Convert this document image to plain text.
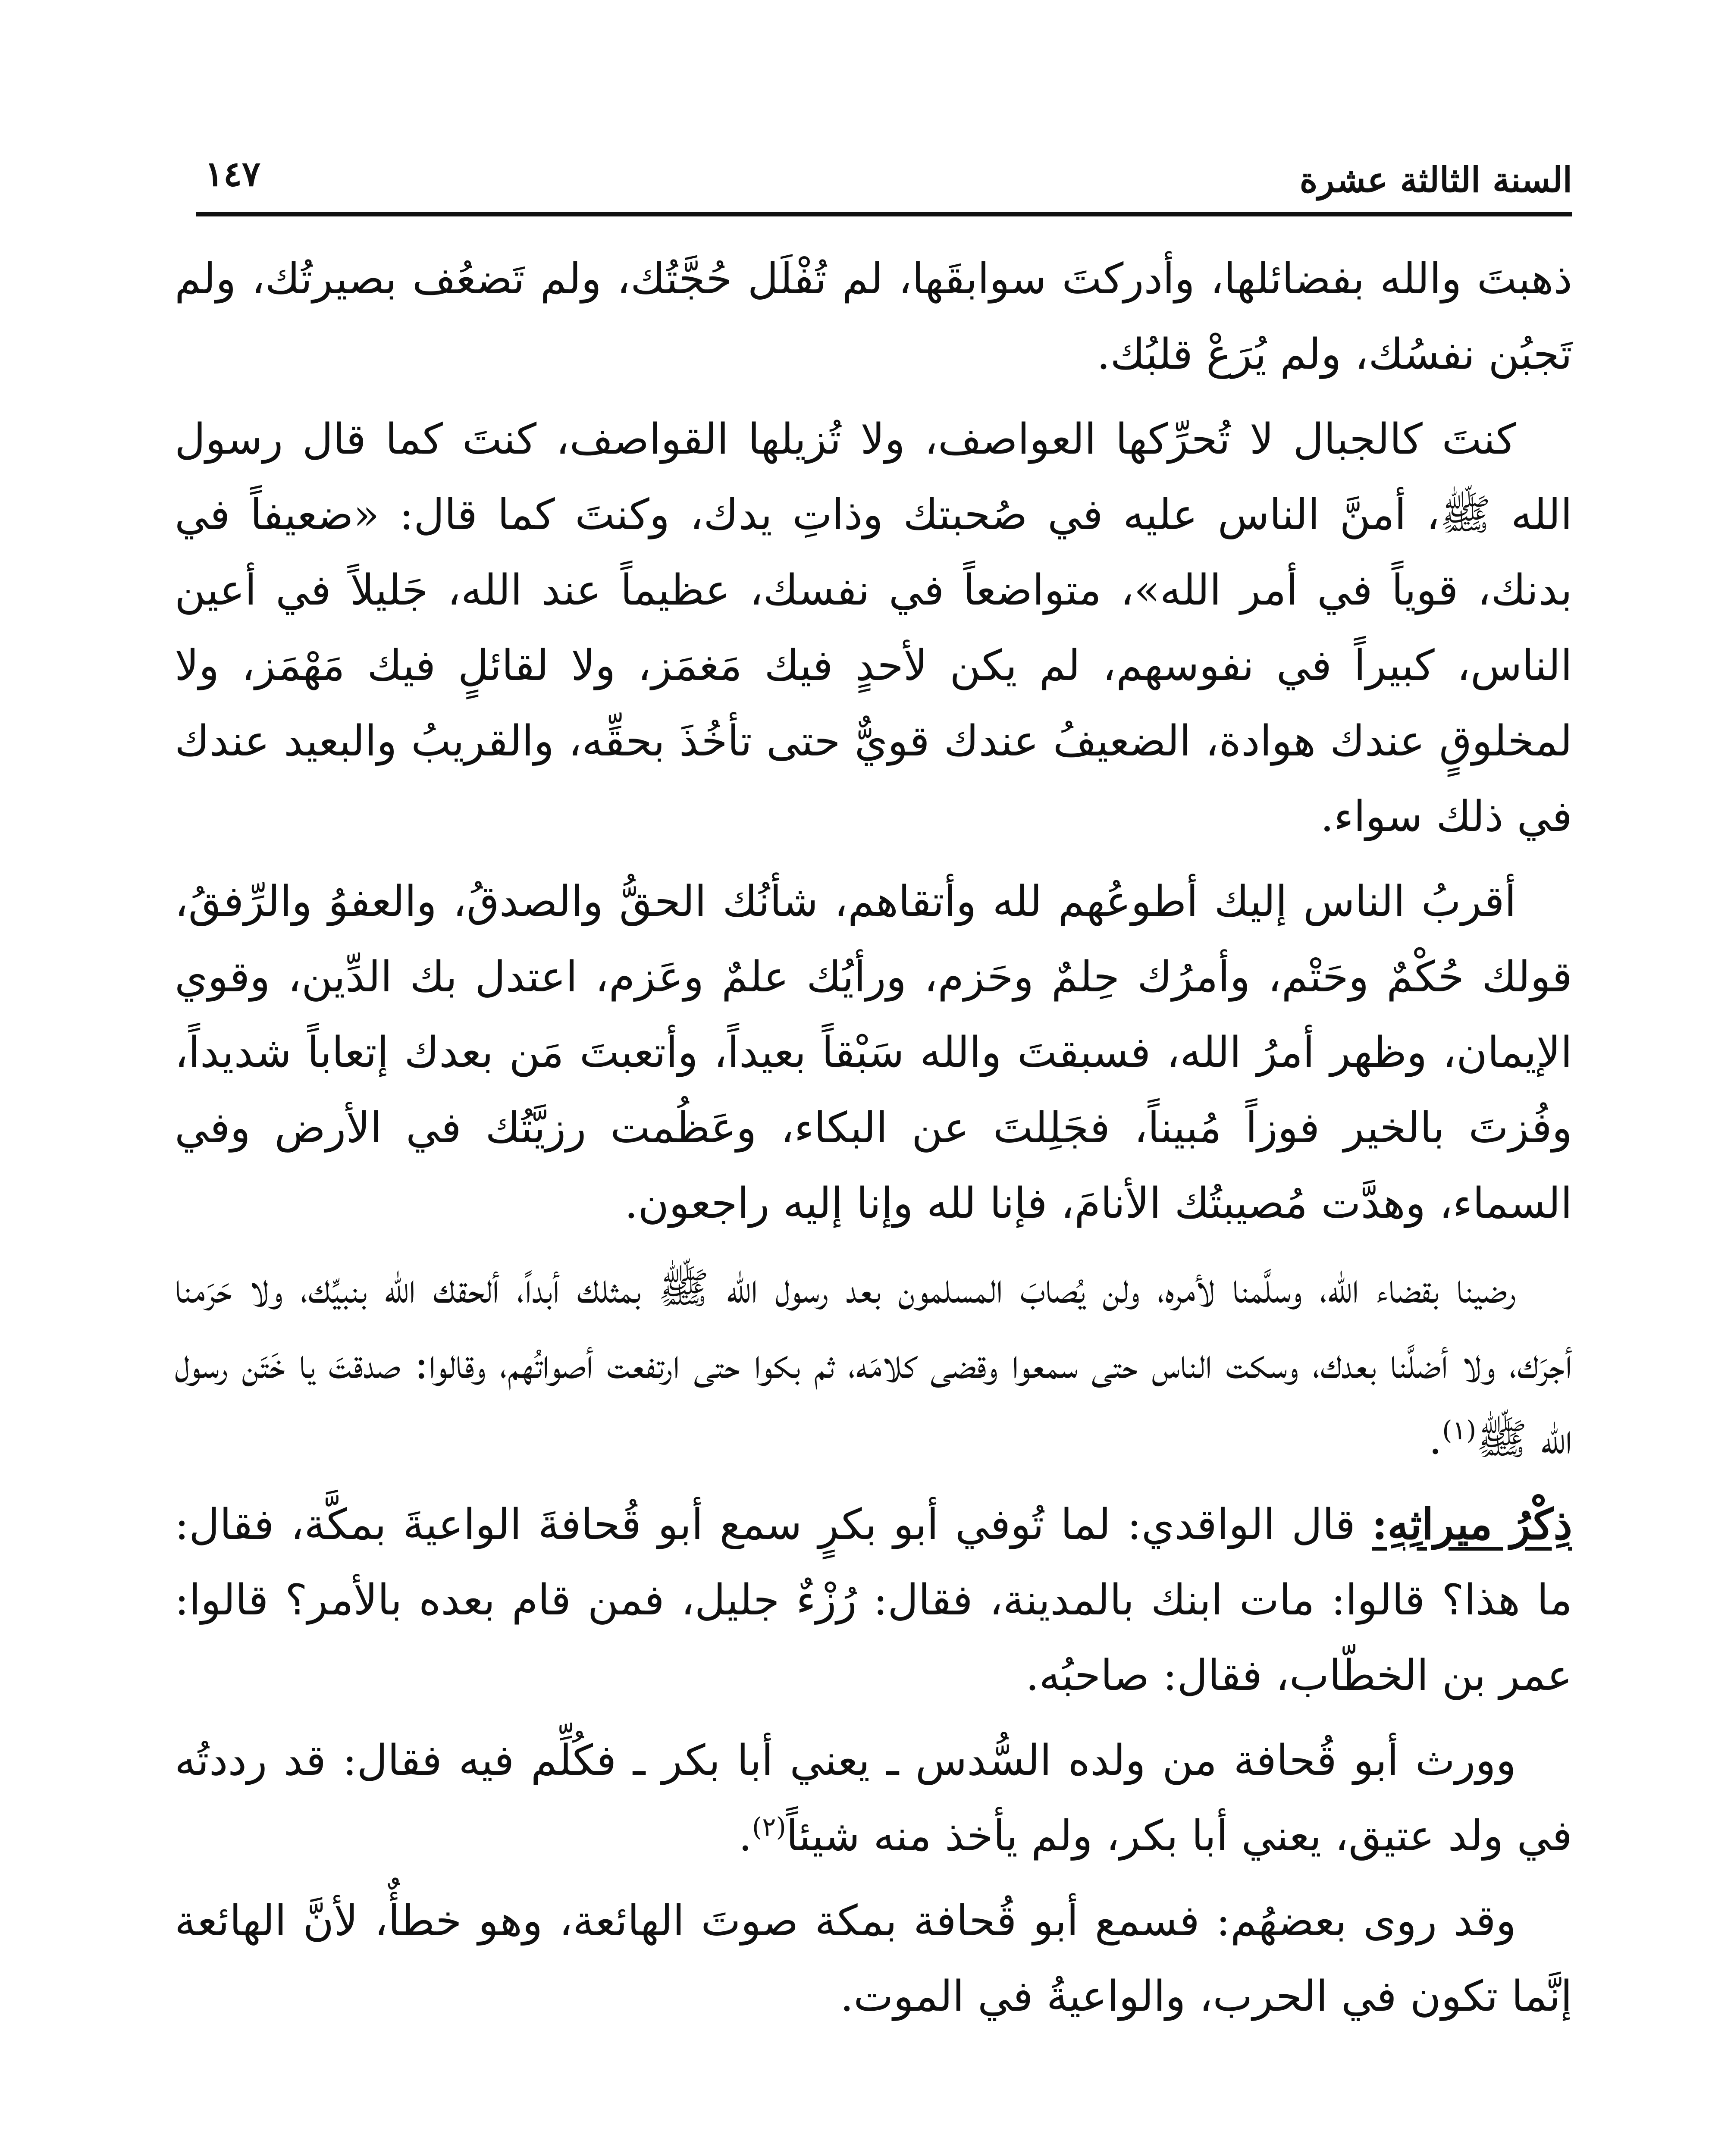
السنة الثالثة عشرة
١٤٧

ذهبتَ والله بفضائلها، وأدركتَ سوابقَها، لم تُفْلَل حُجَّتُك، ولم تَضعُف بصيرتُك، ولم تَجبُن نفسُك، ولم يُرَعْ قلبُك.

كنتَ كالجبال لا تُحرِّكها العواصف، ولا تُزيلها القواصف، كنتَ كما قال رسول الله ﷺ، أمنَّ الناس عليه في صُحبتك وذاتِ يدك، وكنتَ كما قال: «ضعيفاً في بدنك، قوياً في أمر الله»، متواضعاً في نفسك، عظيماً عند الله، جَليلاً في أعين الناس، كبيراً في نفوسهم، لم يكن لأحدٍ فيك مَغمَز، ولا لقائلٍ فيك مَهْمَز، ولا لمخلوقٍ عندك هوادة، الضعيفُ عندك قويٌّ حتى تأخُذَ بحقِّه، والقريبُ والبعيد عندك في ذلك سواء.

أقربُ الناس إليك أطوعُهم لله وأتقاهم، شأنُك الحقُّ والصدقُ، والعفوُ والرِّفقُ، قولك حُكْمٌ وحَتْم، وأمرُك حِلمٌ وحَزم، ورأيُك علمٌ وعَزم، اعتدل بك الدِّين، وقوي الإيمان، وظهر أمرُ الله، فسبقتَ والله سَبْقاً بعيداً، وأتعبتَ مَن بعدك إتعاباً شديداً، وفُزتَ بالخير فوزاً مُبيناً، فجَلِلتَ عن البكاء، وعَظُمت رزيَّتُك في الأرض وفي السماء، وهدَّت مُصيبتُك الأنامَ، فإنا لله وإنا إليه راجعون.

رضينا بقضاء الله، وسلَّمنا لأمره، ولن يُصابَ المسلمون بعد رسول الله ﷺ بمثلك أبداً، ألحقك الله بنبيِّك، ولا حَرَمنا أجرَك، ولا أضلَّنا بعدك، وسكت الناس حتى سمعوا وقضى كلامَه، ثم بكوا حتى ارتفعت أصواتُهم، وقالوا: صدقتَ يا خَتَن رسول الله ﷺ$^{(١)}$.

ذِكْرُ ميراثِهِ: قال الواقدي: لما تُوفي أبو بكرٍ سمع أبو قُحافةَ الواعيةَ بمكَّة، فقال: ما هذا؟ قالوا: مات ابنك بالمدينة، فقال: رُزْءٌ جليل، فمن قام بعده بالأمر؟ قالوا: عمر بن الخطّاب، فقال: صاحبُه.

وورث أبو قُحافة من ولده السُّدس ـ يعني أبا بكر ـ فكُلِّم فيه فقال: قد رددتُه في ولد عتيق، يعني أبا بكر، ولم يأخذ منه شيئاً$^{(٢)}$.

وقد روى بعضهُم: فسمع أبو قُحافة بمكة صوتَ الهائعة، وهو خطأٌ، لأنَّ الهائعة إنَّما تكون في الحرب، والواعيةُ في الموت.
